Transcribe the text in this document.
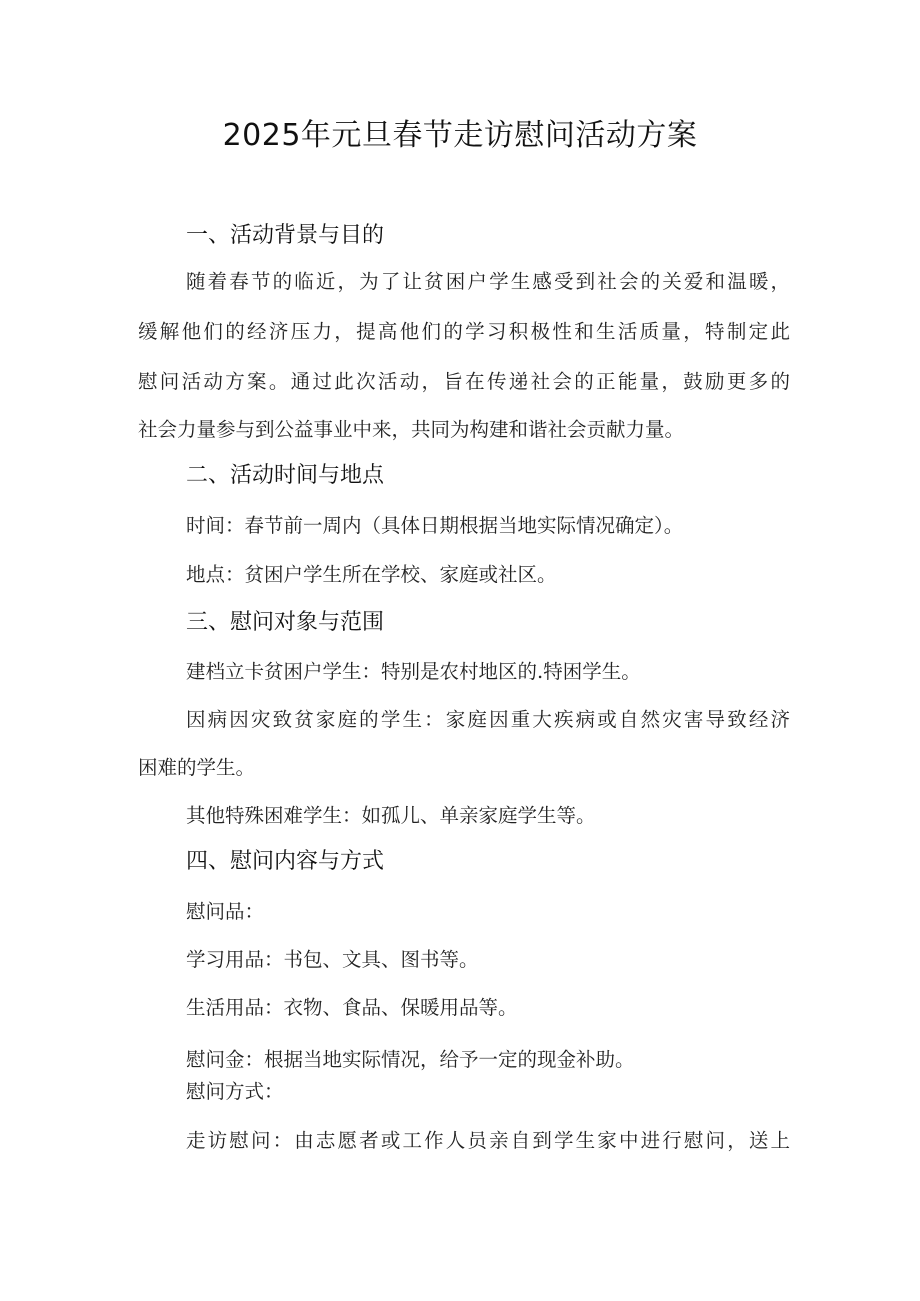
2025年元旦春节走访慰问活动方案
一、活动背景与目的
随着春节的临近，为了让贫困户学生感受到社会的关爱和温暖，
缓解他们的经济压力，提高他们的学习积极性和生活质量，特制定此
慰问活动方案。通过此次活动，旨在传递社会的正能量，鼓励更多的
社会力量参与到公益事业中来，共同为构建和谐社会贡献力量。
二、活动时间与地点
时间：春节前一周内（具体日期根据当地实际情况确定）。
地点：贫困户学生所在学校、家庭或社区。
三、慰问对象与范围
建档立卡贫困户学生：特别是农村地区的.特困学生。
因病因灾致贫家庭的学生：家庭因重大疾病或自然灾害导致经济
困难的学生。
其他特殊困难学生：如孤儿、单亲家庭学生等。
四、慰问内容与方式
慰问品：
学习用品：书包、文具、图书等。
生活用品：衣物、食品、保暖用品等。
慰问金：根据当地实际情况，给予一定的现金补助。
慰问方式：
走访慰问：由志愿者或工作人员亲自到学生家中进行慰问，送上
